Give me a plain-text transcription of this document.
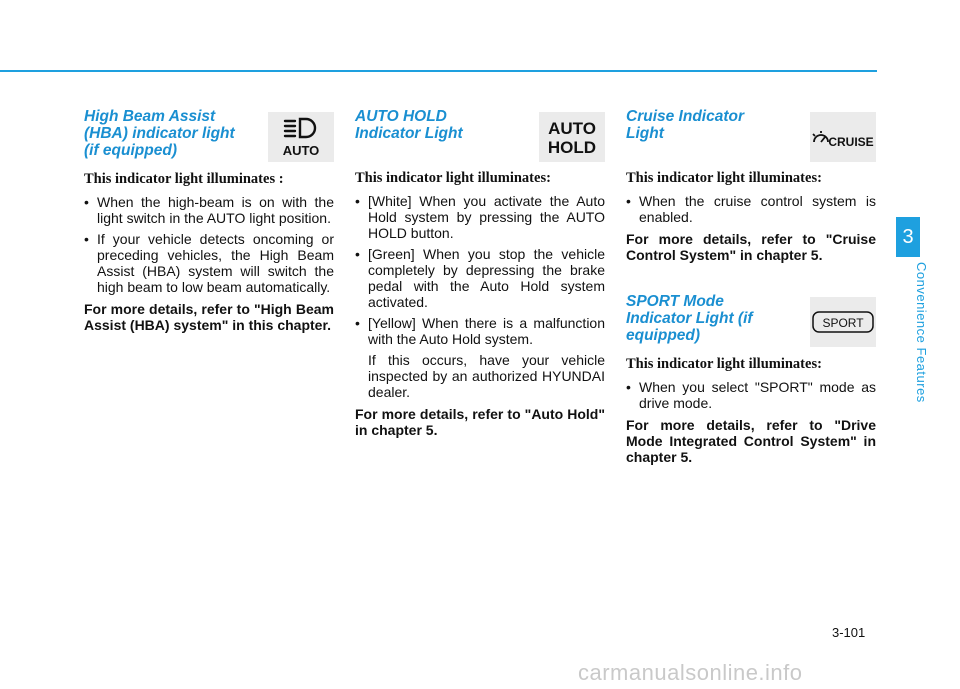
3
Convenience Features
High Beam Assist (HBA) indicator light (if equipped)	AUTO
This indicator light illuminates :
• When the high-beam is on with the light switch in the AUTO light position.
• If your vehicle detects oncoming or preceding vehicles, the High Beam Assist (HBA) system will switch the high beam to low beam automatically.

For more details, refer to "High Beam Assist (HBA) system" in this chapter.

AUTO HOLD Indicator Light	AUTO
HOLD
This indicator light illuminates:
• [White] When you activate the Auto Hold system by pressing the AUTO HOLD button.
• [Green] When you stop the vehicle completely by depressing the brake pedal with the Auto Hold system activated.
• [Yellow] When there is a malfunction with the Auto Hold system.

If this occurs, have your vehicle inspected by an authorized HYUNDAI dealer.

For more details, refer to "Auto Hold" in chapter 5.

Cruise Indicator Light	CRUISE
This indicator light illuminates:
• When the cruise control system is enabled.

For more details, refer to "Cruise Control System" in chapter 5.

SPORT Mode Indicator Light (if equipped)
SPORT
This indicator light illuminates:
• When you select "SPORT" mode as drive mode.

For more details, refer to "Drive Mode Integrated Control System" in chapter 5.

3-101
carmanualsonline.info
